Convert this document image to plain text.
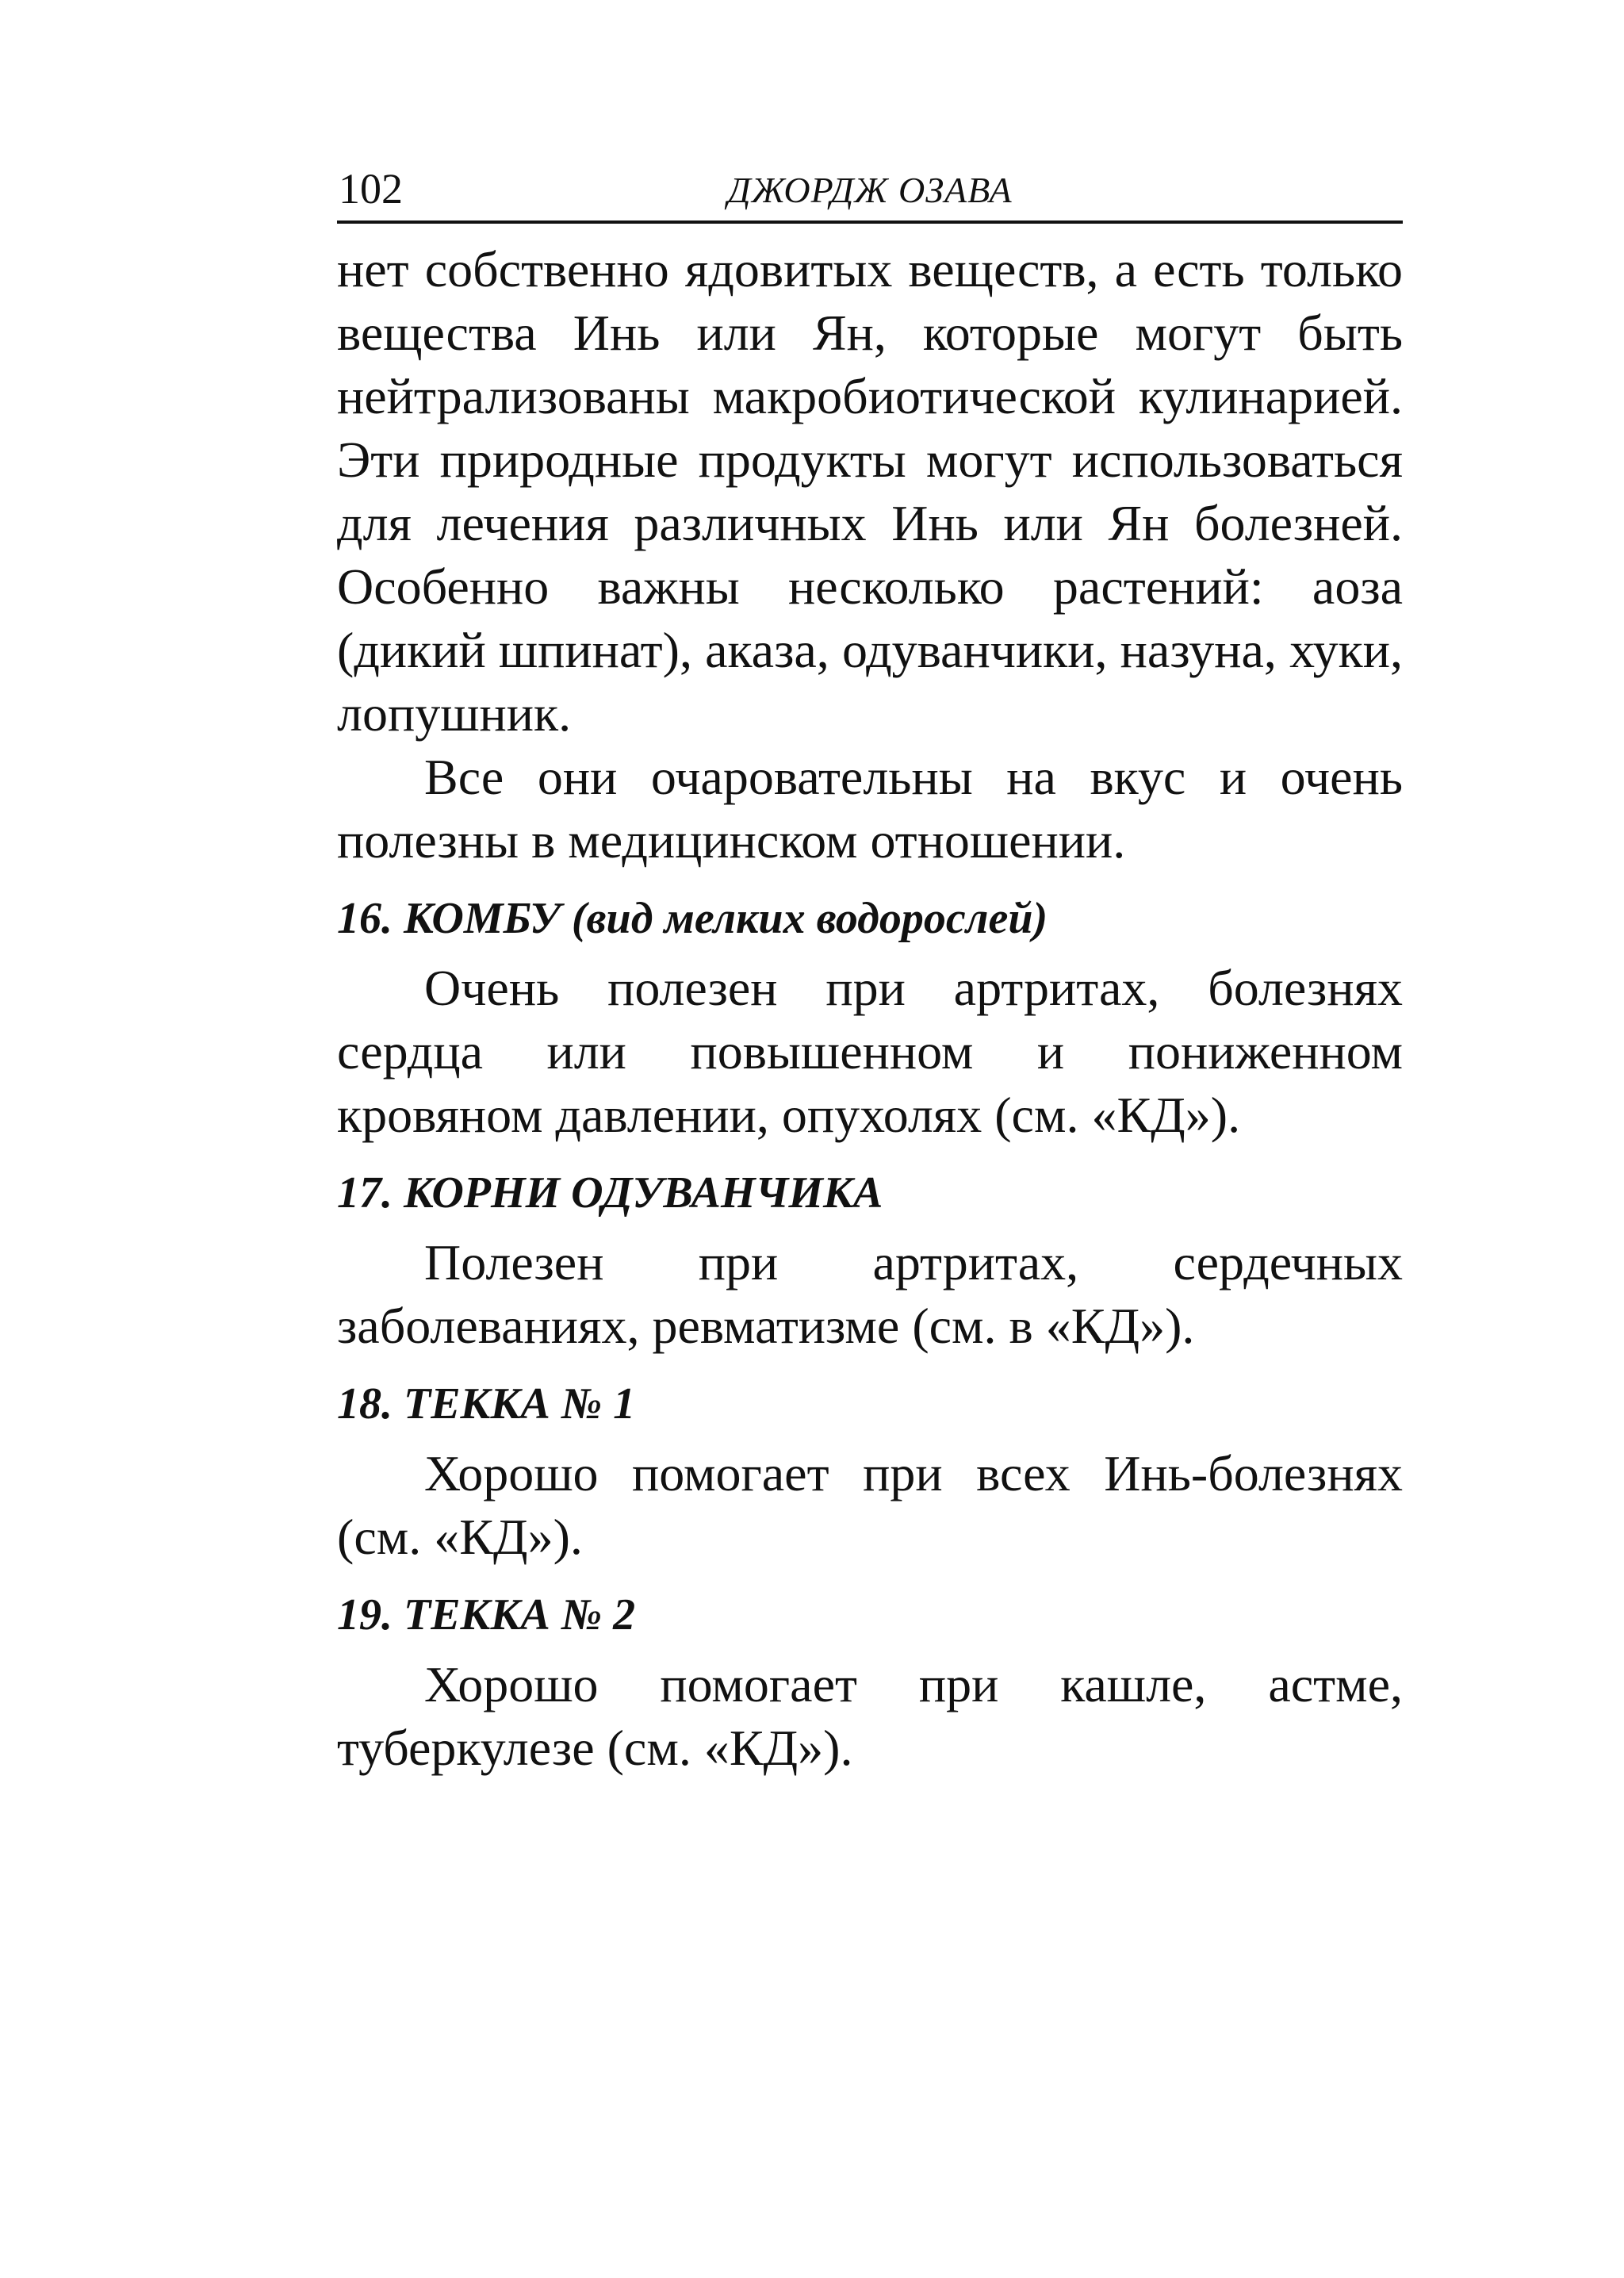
102	ДЖОРДЖ ОЗАВА

нет собственно ядовитых веществ, а есть только вещества Инь или Ян, которые могут быть нейтрализованы макробиотической кулинарией. Эти природные продукты могут использоваться для лечения различных Инь или Ян болезней. Особенно важны несколько растений: аоза (дикий шпинат), аказа, одуванчики, назуна, хуки, лопушник.

Все они очаровательны на вкус и очень полезны в медицинском отношении.

16. КОМБУ (вид мелких водорослей)

Очень полезен при артритах, болезнях сердца или повышенном и пониженном кровяном давлении, опухолях (см. «КД»).

17. КОРНИ ОДУВАНЧИКА

Полезен при артритах, сердечных заболеваниях, ревматизме (см. в «КД»).

18. ТЕККА № 1

Хорошо помогает при всех Инь-болезнях (см. «КД»).

19. ТЕККА № 2

Хорошо помогает при кашле, астме, туберкулезе (см. «КД»).
